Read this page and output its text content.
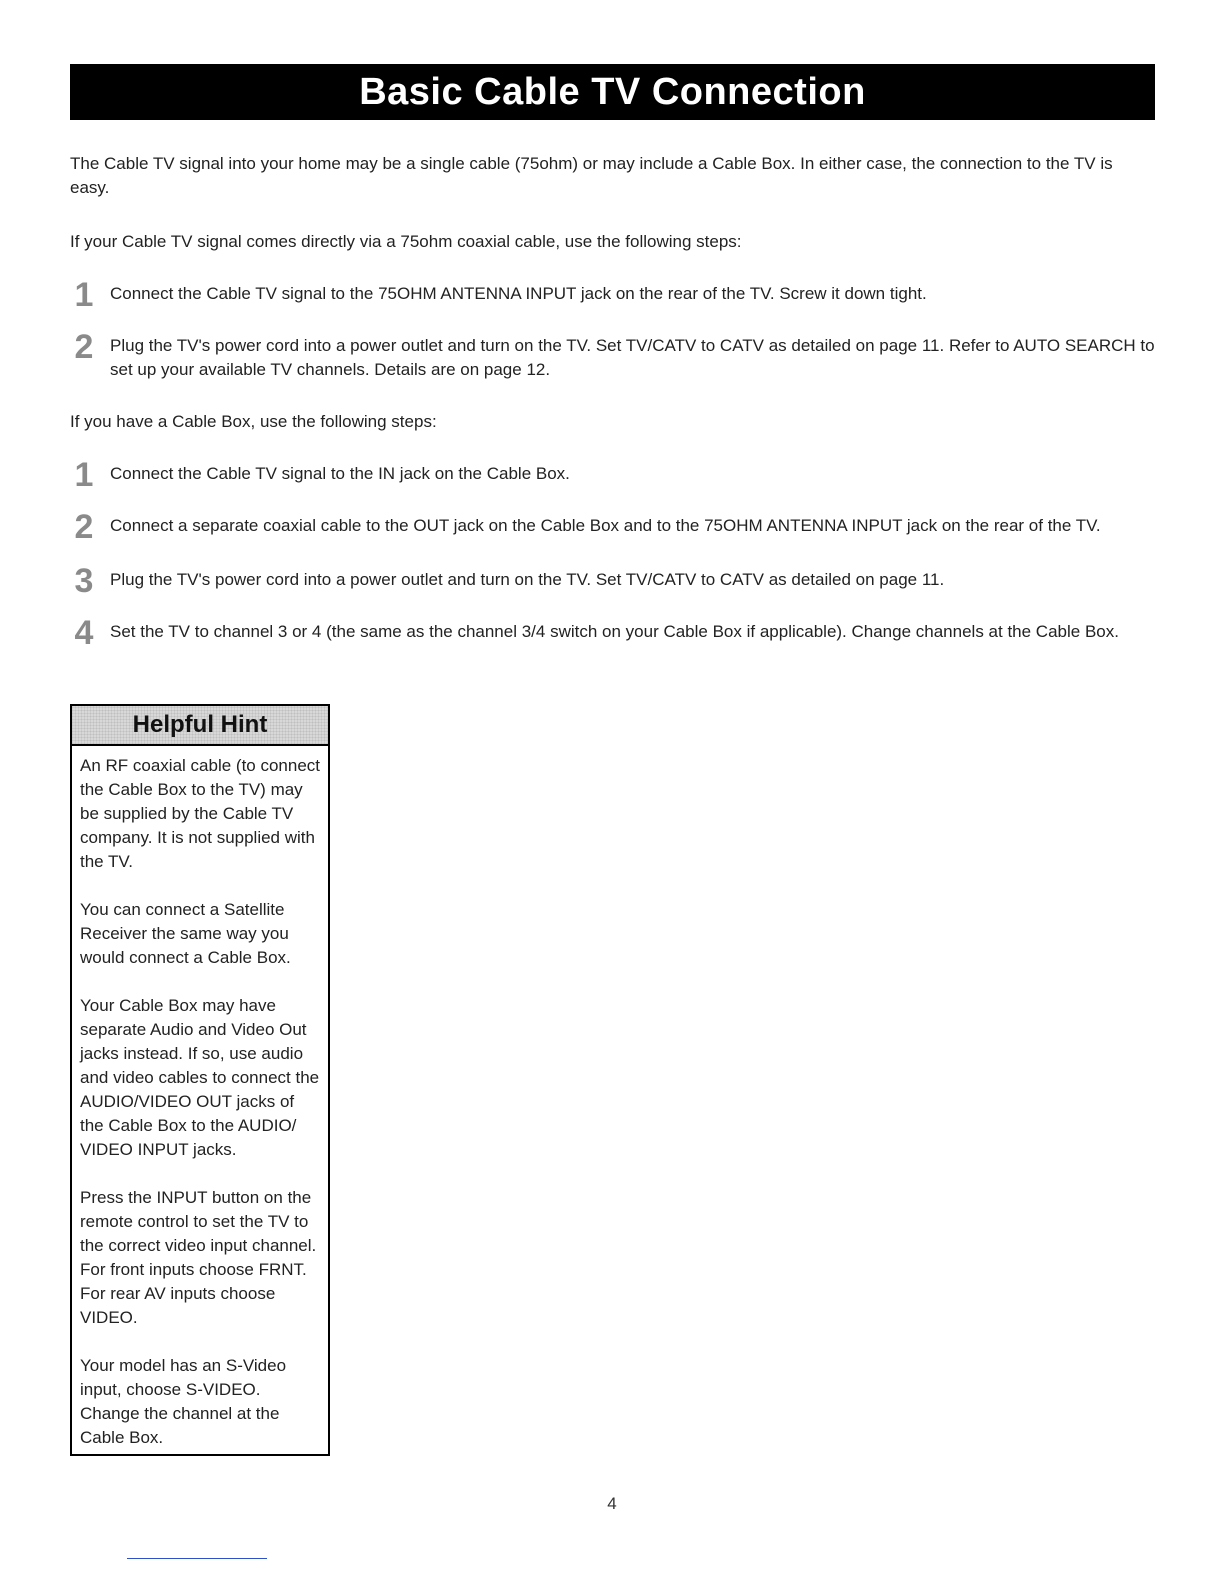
Basic Cable TV Connection
The Cable TV signal into your home may be a single cable (75ohm) or may include a Cable Box. In either case, the connection to the TV is easy.
If your Cable TV signal comes directly via a 75ohm coaxial cable, use the following steps:
1 Connect the Cable TV signal to the 75OHM ANTENNA INPUT jack on the rear of the TV. Screw it down tight.
2 Plug the TV's power cord into a power outlet and turn on the TV. Set TV/CATV to CATV as detailed on page 11. Refer to AUTO SEARCH to set up your available TV channels. Details are on page 12.
If you have a Cable Box, use the following steps:
1 Connect the Cable TV signal to the IN jack on the Cable Box.
2 Connect a separate coaxial cable to the OUT jack on the Cable Box and to the 75OHM ANTENNA INPUT jack on the rear of the TV.
3 Plug the TV's power cord into a power outlet and turn on the TV. Set TV/CATV to CATV as detailed on page 11.
4 Set the TV to channel 3 or 4 (the same as the channel 3/4 switch on your Cable Box if applicable). Change channels at the Cable Box.
Helpful Hint

An RF coaxial cable (to connect the Cable Box to the TV) may be supplied by the Cable TV company. It is not supplied with the TV.

You can connect a Satellite Receiver the same way you would connect a Cable Box.

Your Cable Box may have separate Audio and Video Out jacks instead. If so, use audio and video cables to connect the AUDIO/VIDEO OUT jacks of the Cable Box to the AUDIO/ VIDEO INPUT jacks.

Press the INPUT button on the remote control to set the TV to the correct video input channel. For front inputs choose FRNT. For rear AV inputs choose VIDEO.

Your model has an S-Video input, choose S-VIDEO. Change the channel at the Cable Box.

4
